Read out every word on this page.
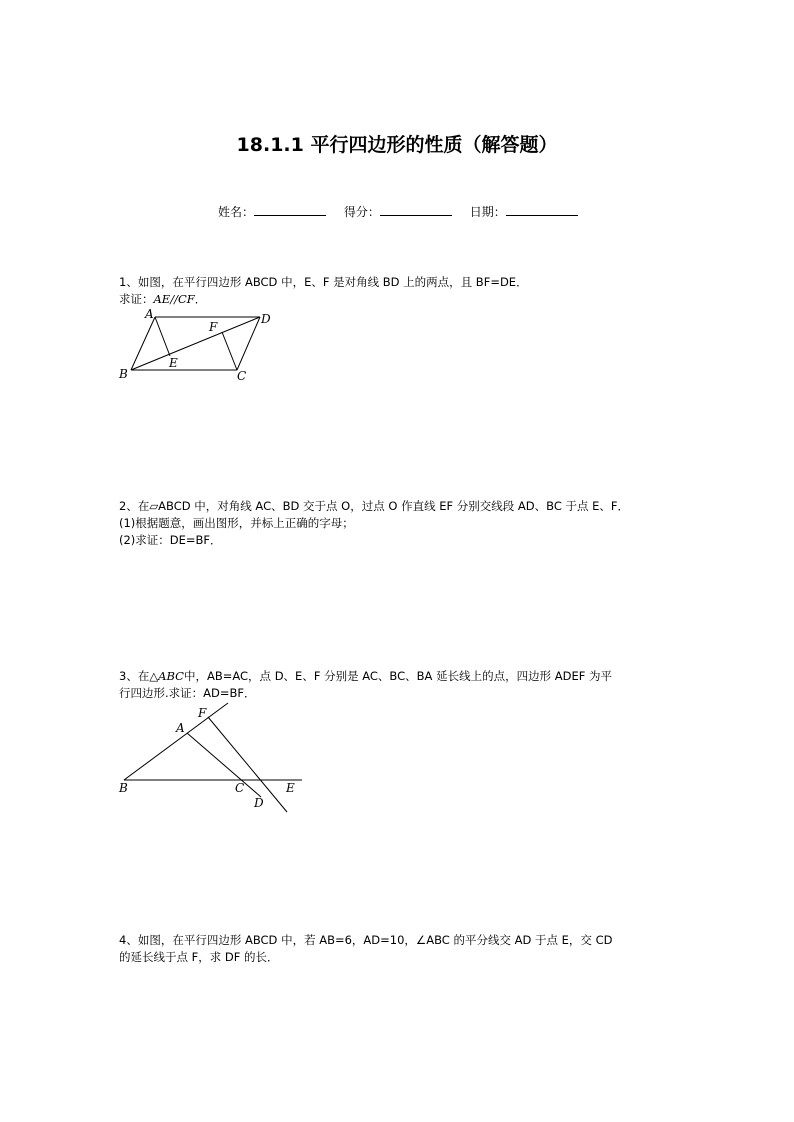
18.1.1 平行四边形的性质（解答题）
姓名：	得分：	日期：
1、如图，在平行四边形 ABCD 中，E、F 是对角线 BD 上的两点，且 BF=DE．
求证：AE//CF．
A
B	C
D
E
F
2、在▱ABCD 中，对角线 AC、BD 交于点 O，过点 O 作直线 EF 分别交线段 AD、BC 于点 E、F．
(1)根据题意，画出图形，并标上正确的字母；
(2)求证：DE=BF．
3、在△ABC中，AB=AC，点 D、E、F 分别是 AC、BC、BA 延长线上的点，四边形 ADEF 为平
行四边形.求证：AD=BF．
A
B	C
D
E
F
4、如图，在平行四边形 ABCD 中，若 AB=6，AD=10，∠ABC 的平分线交 AD 于点 E，交 CD
的延长线于点 F，求 DF 的长．
